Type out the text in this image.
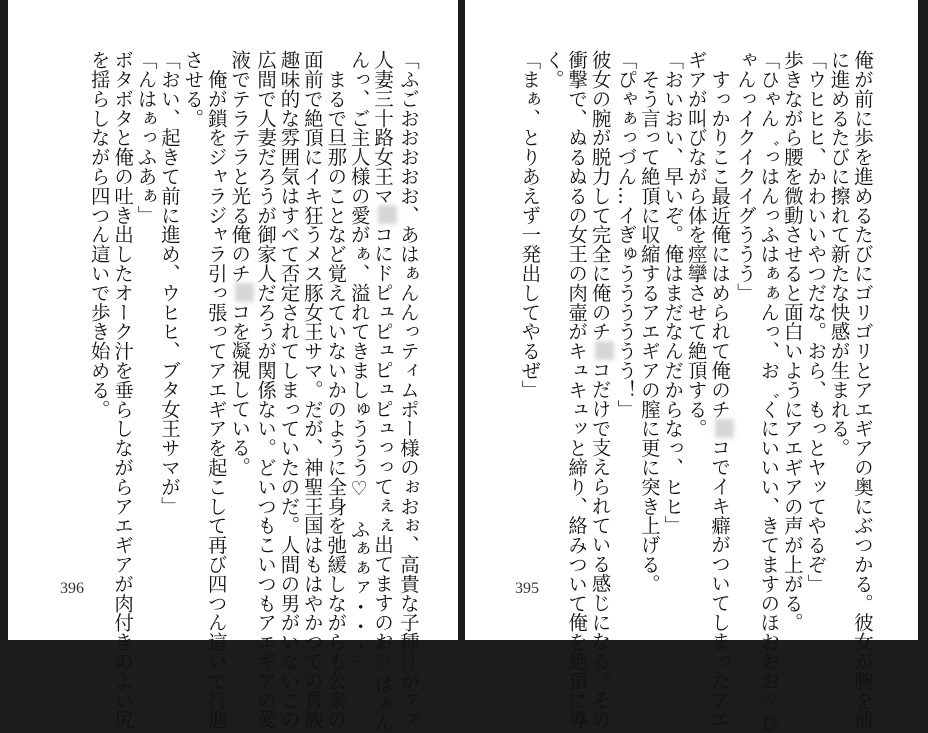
「ふごおおおおお、あはぁんんっティムポー様のぉおぉ、高貴な子種汁がァァ
人妻三十路女王マコにドピュピュピュピュっってぇぇ出てますのお♡はぁん
んっ、ご主人様の愛がぁ、溢れてきましゅううう♡　ふぁぁァ・・・」
　まるで旦那のことなど覚えていないかのように全身を弛緩しながらも公衆の
面前で絶頂にイキ狂うメス豚女王サマ。だが、神聖王国はもはやかつての貴族
趣味的な雰囲気はすべて否定されてしまっていたのだ。人間の男がいないこの
広間で人妻だろうが御家人だろうが関係ない。どいつもこいつもアエギアの愛
液でテラテラと光る俺のチコを凝視している。
　俺が鎖をジャラジャラ引っ張ってアエギアを起こして再び四つん這いで行進
させる。
「おい、起きて前に進め、ウヒヒ、ブタ女王サマが」
「んはぁっふあぁ」
ボタボタと俺の吐き出したオーク汁を垂らしながらアエギアが肉付きのよい尻
を揺らしながら四つん這いで歩き始める。
396	俺が前に歩を進めるたびにゴリゴリとアエギアの奥にぶつかる。彼女が腕を前
に進めるたびに擦れて新たな快感が生まれる。
「ウヒヒヒ、かわいいやつだな。おら、もっとヤッてやるぞ」
歩きながら腰を微動させると面白いようにアエギアの声が上がる。
「ひゃん゛っはんっふはぁぁんっ、お゛くにいいい、きてますのほおおお♡ひ
ゃんっイクイクイグううう」
　すっかりここ最近俺にはめられて俺のチコでイキ癖がついてしまったアエ
ギアが叫びながら体を痙攣させて絶頂する。
「おいおい、早いぞ。俺はまだなんだからなっ、ヒヒ」
　そう言って絶頂に収縮するアエギアの膣に更に突き上げる。
「ぴゃぁっづん…イぎゅうううううう！」
彼女の腕が脱力して完全に俺のチコだけで支えられている感じになる。その
衝撃で、ぬるぬるの女王の肉壷がキュキュッと締り、絡みついて俺を絶頂に導
く。
「まぁ、とりあえず一発出してやるぜ」
395
